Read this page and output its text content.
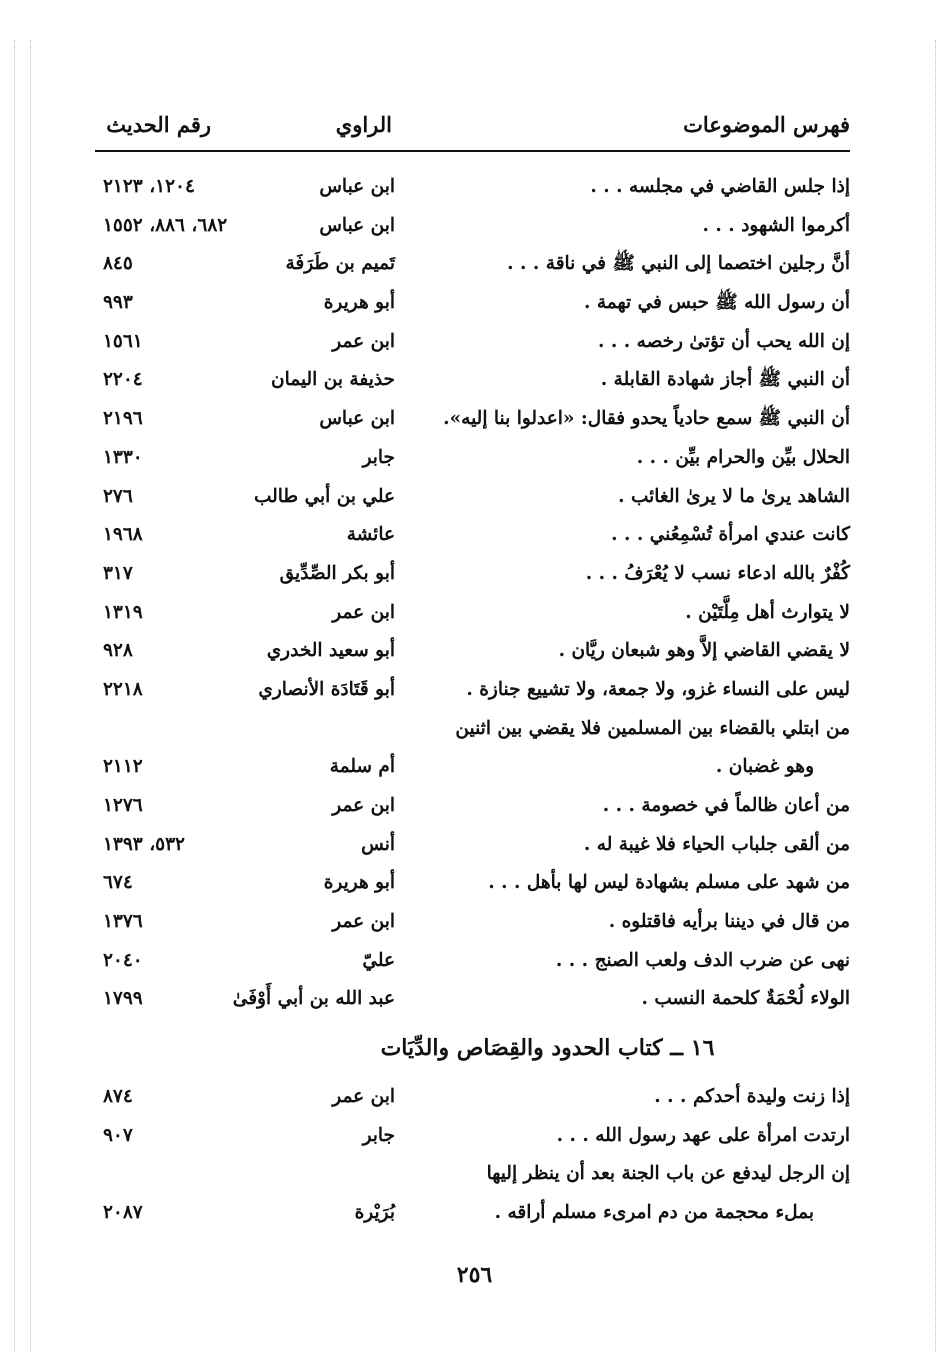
فهرس الموضوعات
الراوي
رقم الحديث
إذا جلس القاضي في مجلسه . . .
ابن عباس
١٢٠٤، ٢١٢٣
أكرموا الشهود . . .
ابن عباس
٦٨٢، ٨٨٦، ١٥٥٢
أنَّ رجلين اختصما إلى النبي ﷺ في ناقة . . .
تَميم بن طَرَفَة
٨٤٥
أن رسول الله ﷺ حبس في تهمة .
أبو هريرة
٩٩٣
إن الله يحب أن تؤتىٰ رخصه . . .
ابن عمر
١٥٦١
أن النبي ﷺ أجاز شهادة القابلة .
حذيفة بن اليمان
٢٢٠٤
أن النبي ﷺ سمع حادياً يحدو فقال: «اعدلوا بنا إليه».
ابن عباس
٢١٩٦
الحلال بيِّن والحرام بيِّن . . .
جابر
١٣٣٠
الشاهد يرىٰ ما لا يرىٰ الغائب .
علي بن أبي طالب
٢٧٦
كانت عندي امرأة تُسْمِعُني . . .
عائشة
١٩٦٨
كُفْرٌ بالله ادعاء نسب لا يُعْرَفُ . . .
أبو بكر الصِّدِّيق
٣١٧
لا يتوارث أهل مِلَّتَيْن .
ابن عمر
١٣١٩
لا يقضي القاضي إلاَّ وهو شبعان ريَّان .
أبو سعيد الخدري
٩٢٨
ليس على النساء غزو، ولا جمعة، ولا تشييع جنازة .
أبو قَتَادَة الأنصاري
٢٢١٨
من ابتلي بالقضاء بين المسلمين فلا يقضي بين اثنين
وهو غضبان .
أم سلمة
٢١١٢
من أعان ظالماً في خصومة . . .
ابن عمر
١٢٧٦
من ألقى جلباب الحياء فلا غيبة له .
أنس
٥٣٢، ١٣٩٣
من شهد على مسلم بشهادة ليس لها بأهل . . .
أبو هريرة
٦٧٤
من قال في ديننا برأيه فاقتلوه .
ابن عمر
١٣٧٦
نهى عن ضرب الدف ولعب الصنج . . .
عليّ
٢٠٤٠
الولاء لُحْمَةٌ كلحمة النسب .
عبد الله بن أبي أَوْفَىٰ
١٧٩٩
١٦ ــ كتاب الحدود والقِصَاص والدِّيَات
إذا زنت وليدة أحدكم . . .
ابن عمر
٨٧٤
ارتدت امرأة على عهد رسول الله . . .
جابر
٩٠٧
إن الرجل ليدفع عن باب الجنة بعد أن ينظر إليها
بملء محجمة من دم امرىء مسلم أراقه .
بُرَيْرة
٢٠٨٧
٢٥٦
